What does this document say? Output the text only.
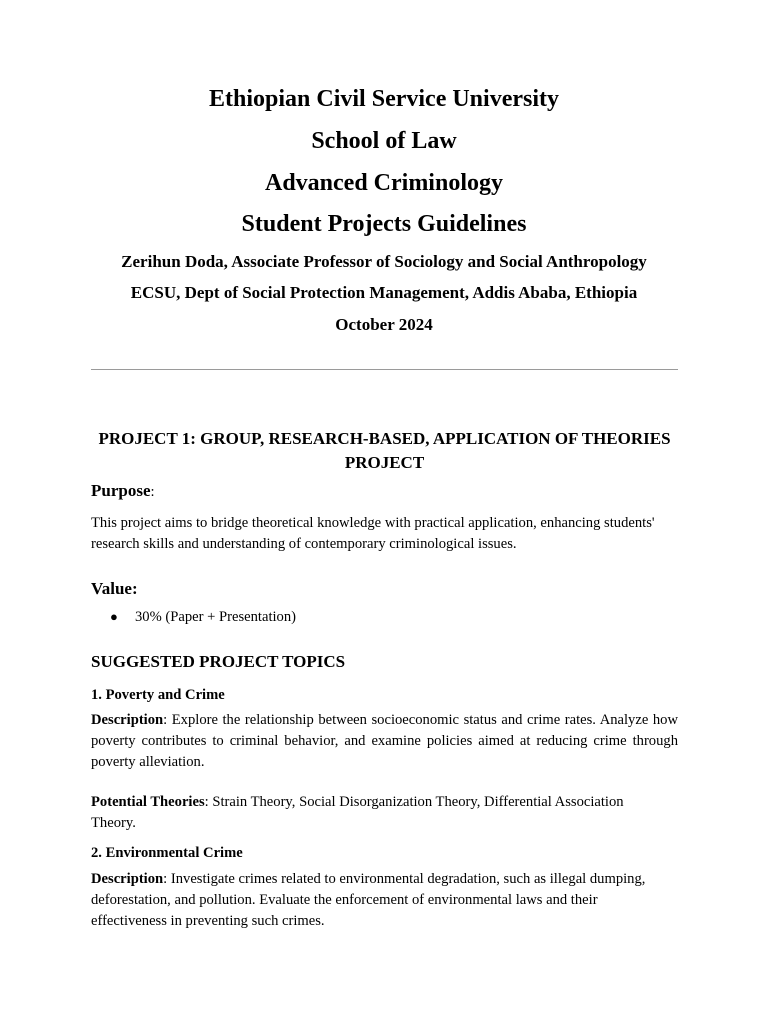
Ethiopian Civil Service University
School of Law
Advanced Criminology
Student Projects Guidelines
Zerihun Doda, Associate Professor of Sociology and Social Anthropology
ECSU, Dept of Social Protection Management, Addis Ababa, Ethiopia
October 2024
PROJECT 1: GROUP, RESEARCH-BASED, APPLICATION OF THEORIES PROJECT
Purpose:
This project aims to bridge theoretical knowledge with practical application, enhancing students' research skills and understanding of contemporary criminological issues.
Value:
● 30% (Paper + Presentation)
SUGGESTED PROJECT TOPICS
1. Poverty and Crime
Description: Explore the relationship between socioeconomic status and crime rates. Analyze how poverty contributes to criminal behavior, and examine policies aimed at reducing crime through poverty alleviation.
Potential Theories: Strain Theory, Social Disorganization Theory, Differential Association Theory.
2. Environmental Crime
Description: Investigate crimes related to environmental degradation, such as illegal dumping, deforestation, and pollution. Evaluate the enforcement of environmental laws and their effectiveness in preventing such crimes.
